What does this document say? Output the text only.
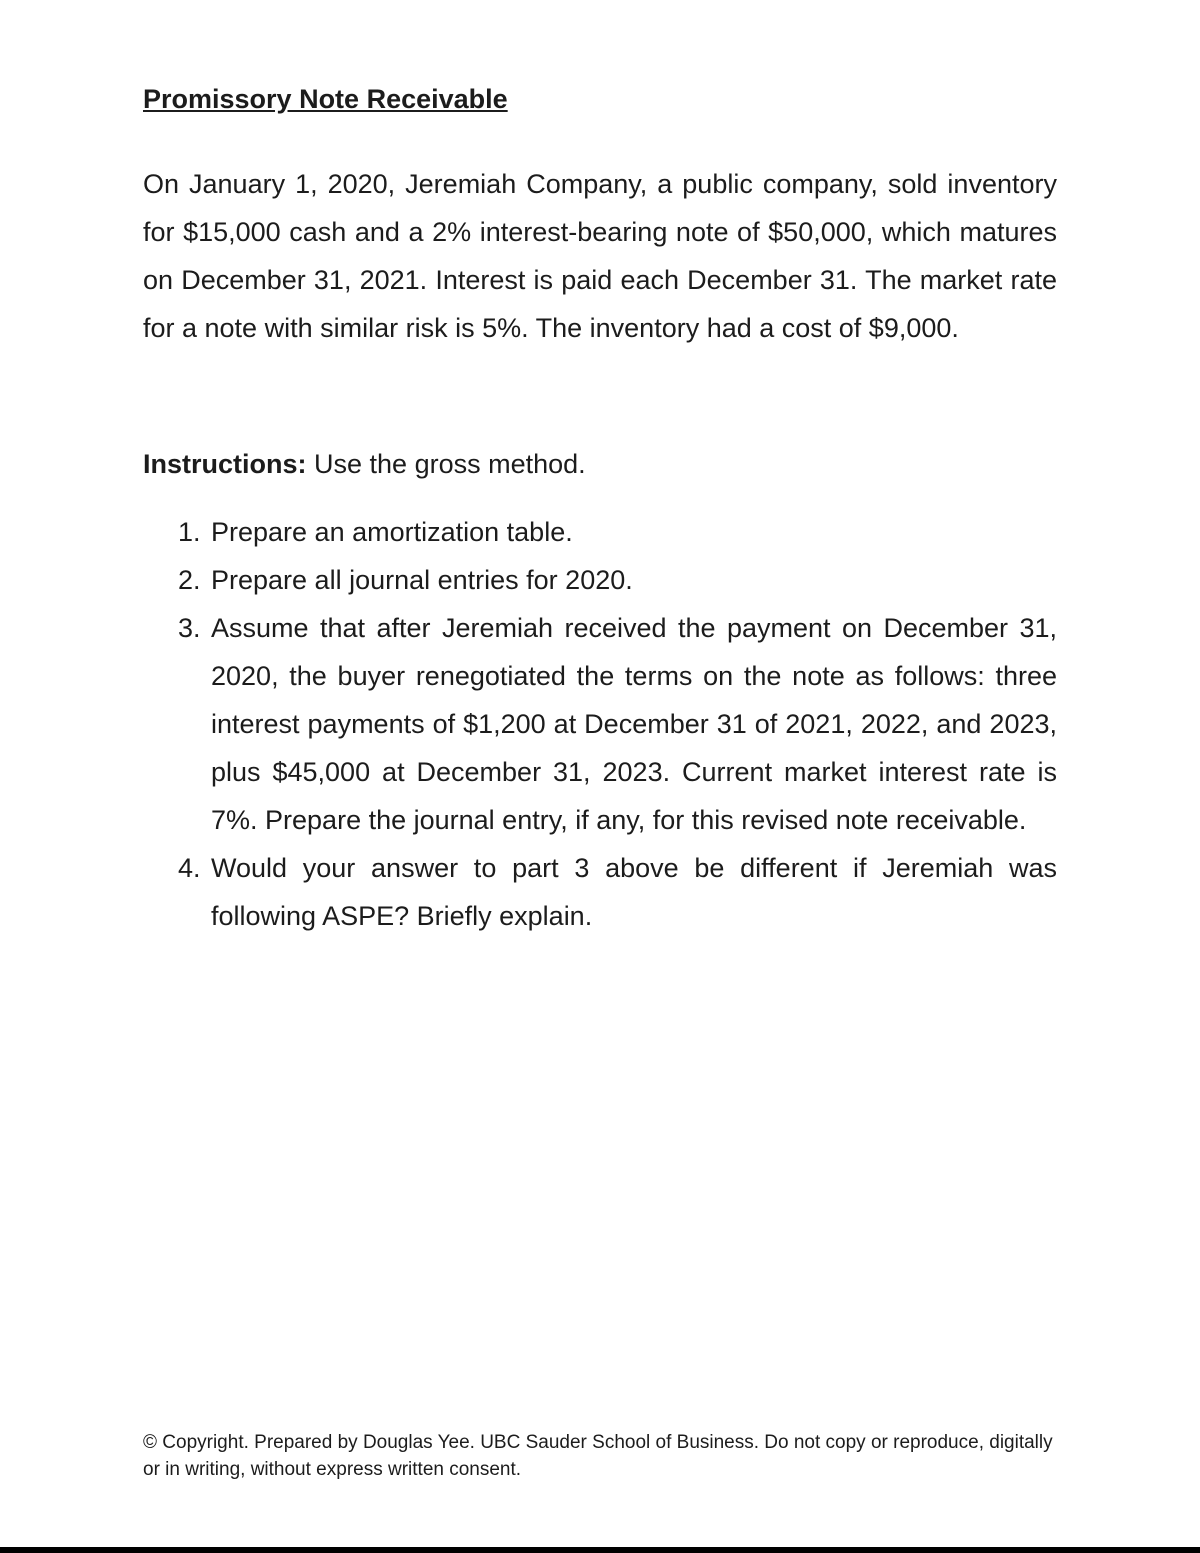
Promissory Note Receivable

On January 1, 2020, Jeremiah Company, a public company, sold inventory for $15,000 cash and a 2% interest-bearing note of $50,000, which matures on December 31, 2021. Interest is paid each December 31. The market rate for a note with similar risk is 5%. The inventory had a cost of $9,000.

Instructions: Use the gross method.

1. Prepare an amortization table.
2. Prepare all journal entries for 2020.
3. Assume that after Jeremiah received the payment on December 31, 2020, the buyer renegotiated the terms on the note as follows: three interest payments of $1,200 at December 31 of 2021, 2022, and 2023, plus $45,000 at December 31, 2023. Current market interest rate is 7%. Prepare the journal entry, if any, for this revised note receivable.
4. Would your answer to part 3 above be different if Jeremiah was following ASPE? Briefly explain.
© Copyright. Prepared by Douglas Yee. UBC Sauder School of Business. Do not copy or reproduce, digitally or in writing, without express written consent.
